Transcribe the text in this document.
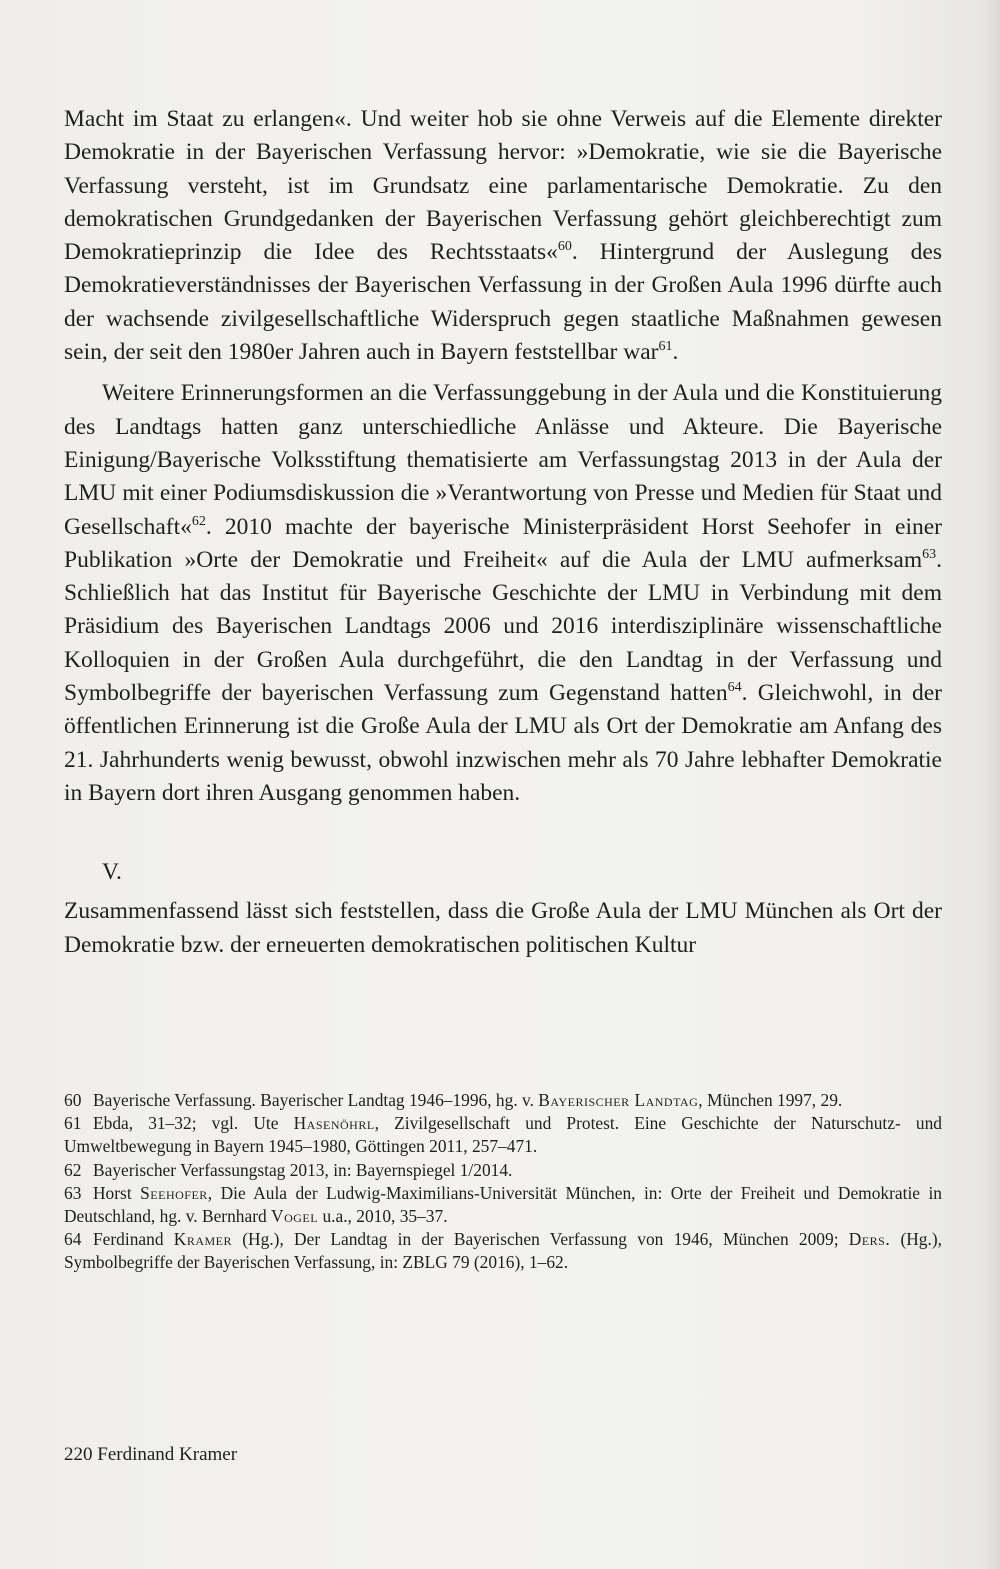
Macht im Staat zu erlangen«. Und weiter hob sie ohne Verweis auf die Elemente direkter Demokratie in der Bayerischen Verfassung hervor: »Demokratie, wie sie die Bayerische Verfassung versteht, ist im Grundsatz eine parlamentarische Demokratie. Zu den demokratischen Grundgedanken der Bayerischen Verfassung gehört gleichberechtigt zum Demokratieprinzip die Idee des Rechtsstaats«$^{60}$. Hintergrund der Auslegung des Demokratieverständnisses der Bayerischen Verfassung in der Großen Aula 1996 dürfte auch der wachsende zivilgesellschaftliche Widerspruch gegen staatliche Maßnahmen gewesen sein, der seit den 1980er Jahren auch in Bayern feststellbar war$^{61}$.

Weitere Erinnerungsformen an die Verfassunggebung in der Aula und die Konstituierung des Landtags hatten ganz unterschiedliche Anlässe und Akteure. Die Bayerische Einigung/Bayerische Volksstiftung thematisierte am Verfassungstag 2013 in der Aula der LMU mit einer Podiumsdiskussion die »Verantwortung von Presse und Medien für Staat und Gesellschaft«$^{62}$. 2010 machte der bayerische Ministerpräsident Horst Seehofer in einer Publikation »Orte der Demokratie und Freiheit« auf die Aula der LMU aufmerksam$^{63}$. Schließlich hat das Institut für Bayerische Geschichte der LMU in Verbindung mit dem Präsidium des Bayerischen Landtags 2006 und 2016 interdisziplinäre wissenschaftliche Kolloquien in der Großen Aula durchgeführt, die den Landtag in der Verfassung und Symbolbegriffe der bayerischen Verfassung zum Gegenstand hatten$^{64}$. Gleichwohl, in der öffentlichen Erinnerung ist die Große Aula der LMU als Ort der Demokratie am Anfang des 21. Jahrhunderts wenig bewusst, obwohl inzwischen mehr als 70 Jahre lebhafter Demokratie in Bayern dort ihren Ausgang genommen haben.

V.

Zusammenfassend lässt sich feststellen, dass die Große Aula der LMU München als Ort der Demokratie bzw. der erneuerten demokratischen politischen Kultur

60 Bayerische Verfassung. Bayerischer Landtag 1946–1996, hg. v. Bayerischer Landtag, München 1997, 29.

61 Ebda, 31–32; vgl. Ute Hasenöhrl, Zivilgesellschaft und Protest. Eine Geschichte der Naturschutz- und Umweltbewegung in Bayern 1945–1980, Göttingen 2011, 257–471.

62 Bayerischer Verfassungstag 2013, in: Bayernspiegel 1/2014.

63 Horst Seehofer, Die Aula der Ludwig-Maximilians-Universität München, in: Orte der Freiheit und Demokratie in Deutschland, hg. v. Bernhard Vogel u.a., 2010, 35–37.

64 Ferdinand Kramer (Hg.), Der Landtag in der Bayerischen Verfassung von 1946, München 2009; Ders. (Hg.), Symbolbegriffe der Bayerischen Verfassung, in: ZBLG 79 (2016), 1–62.

220 Ferdinand Kramer
